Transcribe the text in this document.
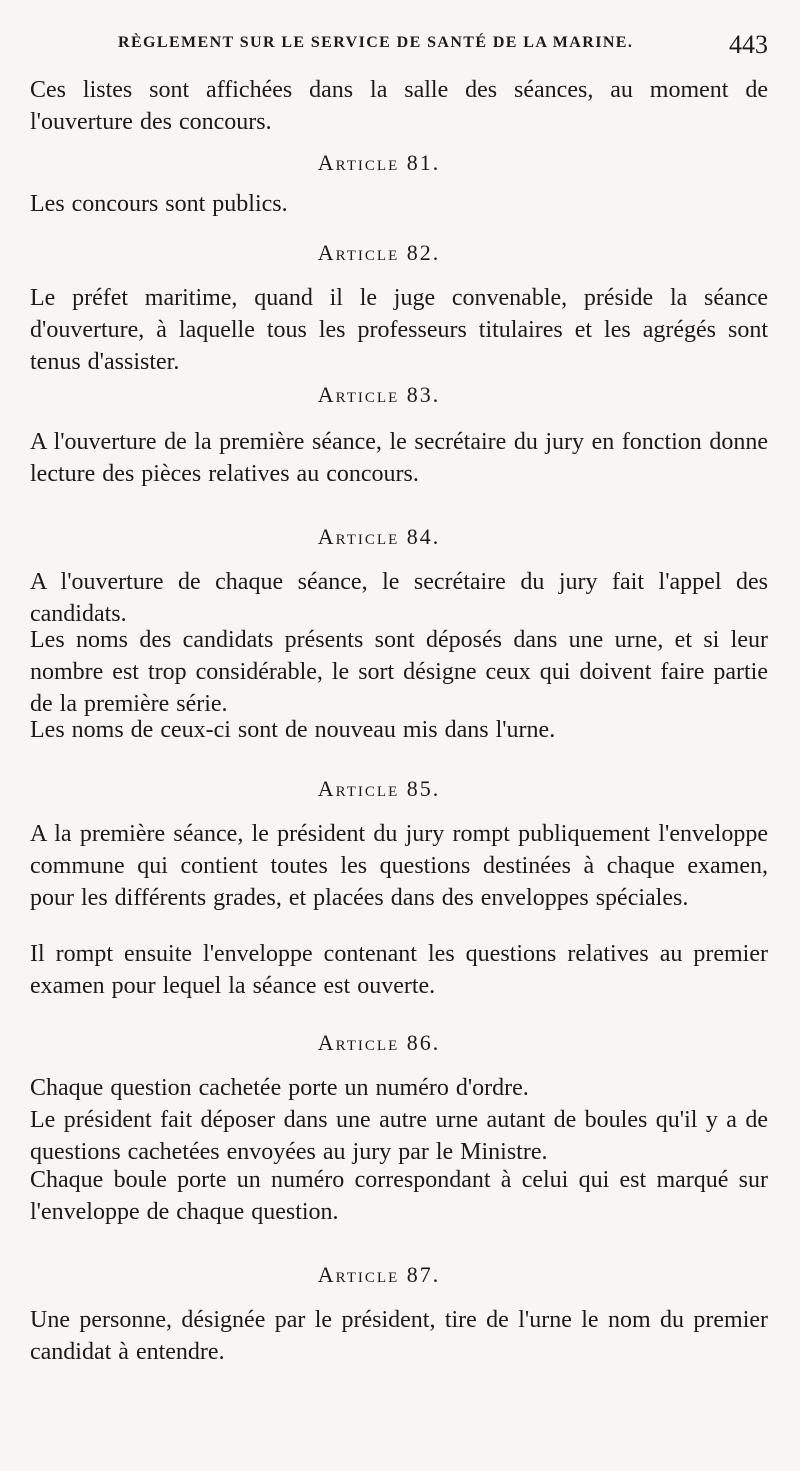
RÈGLEMENT SUR LE SERVICE DE SANTÉ DE LA MARINE.	443
Ces listes sont affichées dans la salle des séances, au moment de l'ouverture des concours.
Article 81.
Les concours sont publics.
Article 82.
Le préfet maritime, quand il le juge convenable, préside la séance d'ouverture, à laquelle tous les professeurs titulaires et les agrégés sont tenus d'assister.
Article 83.
A l'ouverture de la première séance, le secrétaire du jury en fonction donne lecture des pièces relatives au concours.
Article 84.
A l'ouverture de chaque séance, le secrétaire du jury fait l'appel des candidats.
Les noms des candidats présents sont déposés dans une urne, et si leur nombre est trop considérable, le sort désigne ceux qui doivent faire partie de la première série.
Les noms de ceux-ci sont de nouveau mis dans l'urne.
Article 85.
A la première séance, le président du jury rompt publiquement l'enveloppe commune qui contient toutes les questions destinées à chaque examen, pour les différents grades, et placées dans des enveloppes spéciales.
Il rompt ensuite l'enveloppe contenant les questions relatives au premier examen pour lequel la séance est ouverte.
Article 86.
Chaque question cachetée porte un numéro d'ordre.
Le président fait déposer dans une autre urne autant de boules qu'il y a de questions cachetées envoyées au jury par le Ministre.
Chaque boule porte un numéro correspondant à celui qui est marqué sur l'enveloppe de chaque question.
Article 87.
Une personne, désignée par le président, tire de l'urne le nom du premier candidat à entendre.
